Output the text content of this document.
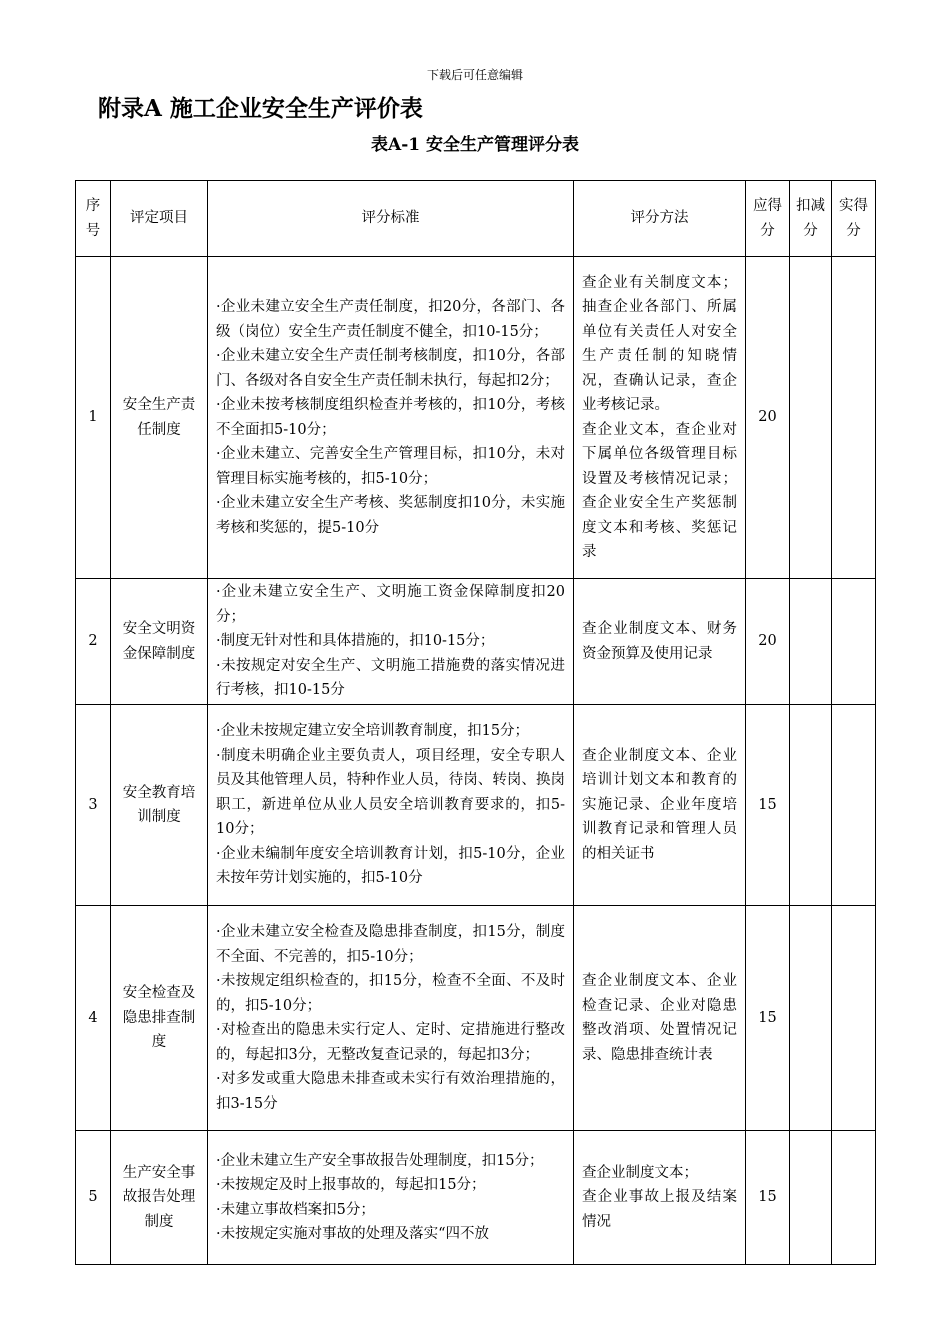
下载后可任意编辑
附录A 施工企业安全生产评价表
表A-1 安全生产管理评分表
序号	评定项目	评分标准	评分方法	应得分	扣减分	实得分
1	安全生产责任制度	·企业未建立安全生产责任制度，扣20分，各部门、各级（岗位）安全生产责任制度不健全，扣10-15分；
·企业未建立安全生产责任制考核制度，扣10分，各部门、各级对各自安全生产责任制未执行，每起扣2分；
·企业未按考核制度组织检查并考核的，扣10分，考核不全面扣5-10分；
·企业未建立、完善安全生产管理目标，扣10分，未对管理目标实施考核的，扣5-10分；
·企业未建立安全生产考核、奖惩制度扣10分，未实施考核和奖惩的，提5-10分	查企业有关制度文本；抽查企业各部门、所属单位有关责任人对安全生产责任制的知晓情况，查确认记录，查企业考核记录。
查企业文本，查企业对下属单位各级管理目标设置及考核情况记录；查企业安全生产奖惩制度文本和考核、奖惩记录	20		
2	安全文明资金保障制度	·企业未建立安全生产、文明施工资金保障制度扣20分；
·制度无针对性和具体措施的，扣10-15分；
·未按规定对安全生产、文明施工措施费的落实情况进行考核，扣10-15分	查企业制度文本、财务资金预算及使用记录	20		
3	安全教育培训制度	·企业未按规定建立安全培训教育制度，扣15分；
·制度未明确企业主要负责人，项目经理，安全专职人员及其他管理人员，特种作业人员，待岗、转岗、换岗职工，新进单位从业人员安全培训教育要求的，扣5-10分；
·企业未编制年度安全培训教育计划，扣5-10分，企业未按年劳计划实施的，扣5-10分	查企业制度文本、企业培训计划文本和教育的实施记录、企业年度培训教育记录和管理人员的相关证书	15		
4	安全检查及隐患排查制度	·企业未建立安全检查及隐患排查制度，扣15分，制度不全面、不完善的，扣5-10分；
·未按规定组织检查的，扣15分，检查不全面、不及时的，扣5-10分；
·对检查出的隐患未实行定人、定时、定措施进行整改的，每起扣3分，无整改复查记录的，每起扣3分；
·对多发或重大隐患未排查或未实行有效治理措施的，扣3-15分	查企业制度文本、企业检查记录、企业对隐患整改消项、处置情况记录、隐患排查统计表	15		
5	生产安全事故报告处理制度	·企业未建立生产安全事故报告处理制度，扣15分；
·未按规定及时上报事故的，每起扣15分；
·未建立事故档案扣5分；
·未按规定实施对事故的处理及落实“四不放	查企业制度文本；
查企业事故上报及结案情况	15		
